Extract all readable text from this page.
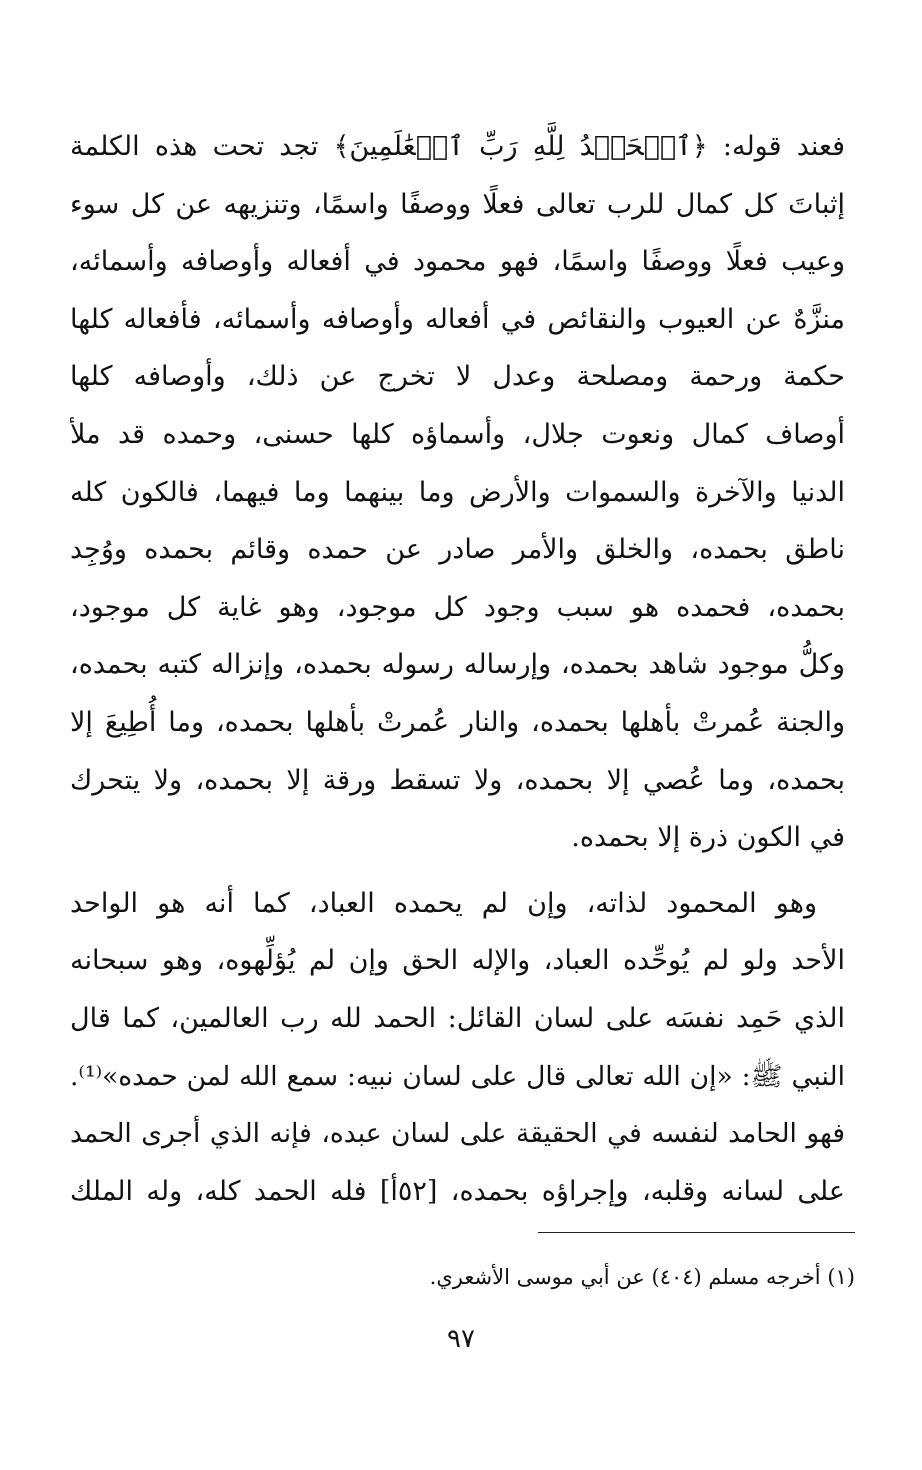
فعند قوله: ﴿ٱلۡحَمۡدُ لِلَّهِ رَبِّ ٱلۡعَٰلَمِينَ﴾ تجد تحت هذه الكلمة
إثباتَ كل كمال للرب تعالى فعلًا ووصفًا واسمًا، وتنزيهه عن كل سوء
وعيب فعلًا ووصفًا واسمًا، فهو محمود في أفعاله وأوصافه وأسمائه،
منزَّهٌ عن العيوب والنقائص في أفعاله وأوصافه وأسمائه، فأفعاله كلها
حكمة ورحمة ومصلحة وعدل لا تخرج عن ذلك، وأوصافه كلها
أوصاف كمال ونعوت جلال، وأسماؤه كلها حسنى، وحمده قد ملأ
الدنيا والآخرة والسموات والأرض وما بينهما وما فيهما، فالكون كله
ناطق بحمده، والخلق والأمر صادر عن حمده وقائم بحمده ووُجِد
بحمده، فحمده هو سبب وجود كل موجود، وهو غاية كل موجود،
وكلُّ موجود شاهد بحمده، وإرساله رسوله بحمده، وإنزاله كتبه بحمده،
والجنة عُمرتْ بأهلها بحمده، والنار عُمرتْ بأهلها بحمده، وما أُطِيعَ إلا
بحمده، وما عُصي إلا بحمده، ولا تسقط ورقة إلا بحمده، ولا يتحرك
في الكون ذرة إلا بحمده.
وهو المحمود لذاته، وإن لم يحمده العباد، كما أنه هو الواحد
الأحد ولو لم يُوحِّده العباد، والإله الحق وإن لم يُؤلِّهوه، وهو سبحانه
الذي حَمِد نفسَه على لسان القائل: الحمد لله رب العالمين، كما قال
النبي ﷺ: «إن الله تعالى قال على لسان نبيه: سمع الله لمن حمده»⁽¹⁾.
فهو الحامد لنفسه في الحقيقة على لسان عبده، فإنه الذي أجرى الحمد
على لسانه وقلبه، وإجراؤه بحمده، [٥٢أ] فله الحمد كله، وله الملك
(١) أخرجه مسلم (٤٠٤) عن أبي موسى الأشعري.
٩٧
